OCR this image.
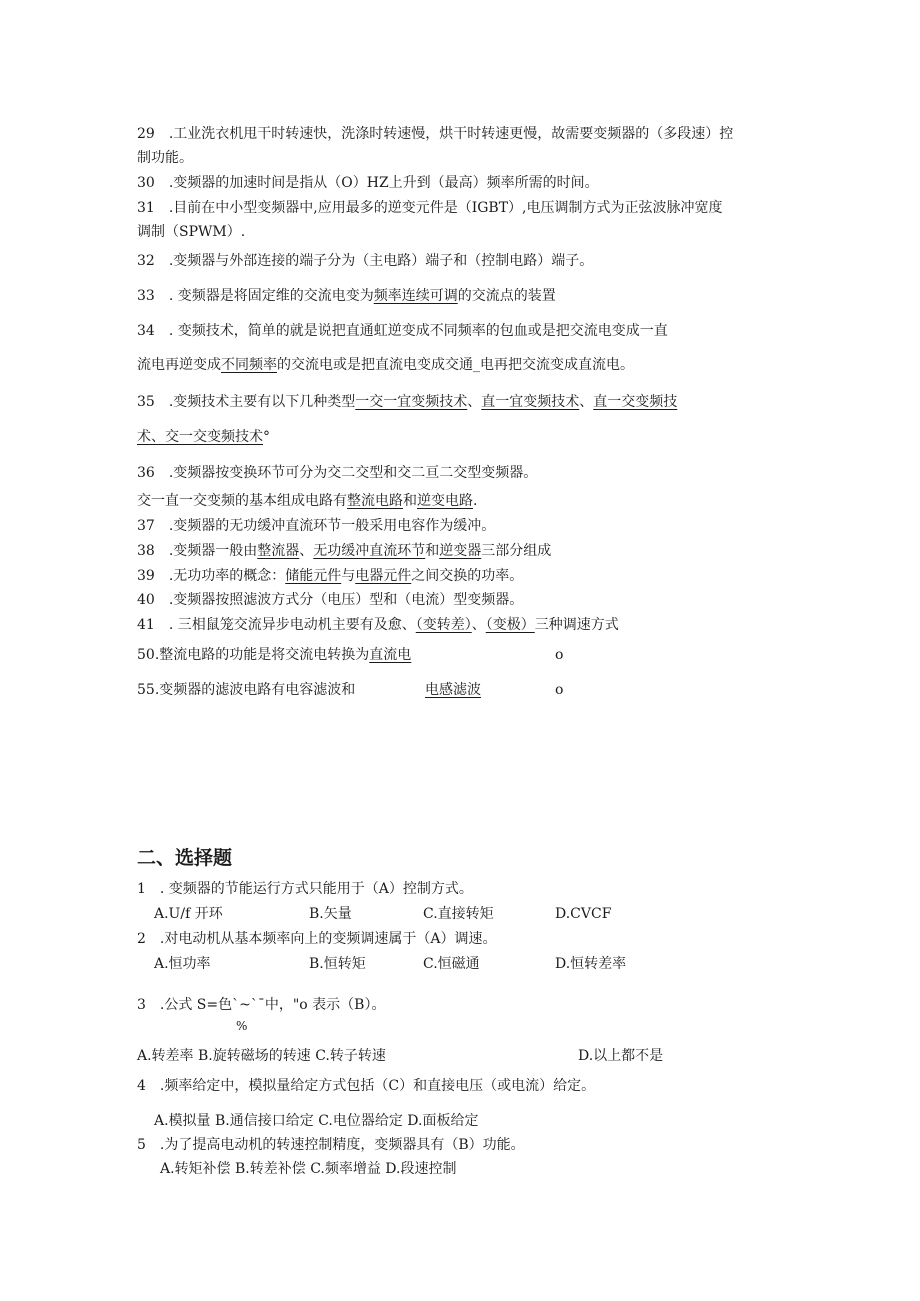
29　.工业洗衣机甩干时转速快，洗涤时转速慢，烘干时转速更慢，故需要变频器的（多段速）控
制功能。
30　.变频器的加速时间是指从（O）HZ上升到（最高）频率所需的时间。
31　.目前在中小型变频器中,应用最多的逆变元件是（IGBT）,电压调制方式为正弦波脉冲宽度
调制（SPWM）.
32　.变频器与外部连接的端子分为（主电路）端子和（控制电路）端子。
33　. 变频器是将固定维的交流电变为频率连续可调的交流点的装置
34　. 变频技术，简单的就是说把直通虹逆变成不同频率的包血或是把交流电变成一直
流电再逆变成不同频率的交流电或是把直流电变成交通_电再把交流变成直流电。
35　.变频技术主要有以下几种类型一交一宜变频技术、直一宜变频技术、直一交变频技
术、交一交变频技术°
36　.变频器按变换环节可分为交二交型和交二亘二交型变频器。
交一直一交变频的基本组成电路有整流电路和逆变电路.
37　.变频器的无功缓冲直流环节一般采用电容作为缓冲。
38　.变频器一般由整流器、无功缓冲直流环节和逆变器三部分组成
39　.无功功率的概念：储能元件与电器元件之间交换的功率。
40　.变频器按照滤波方式分（电压）型和（电流）型变频器。
41　. 三相鼠笼交流异步电动机主要有及愈、（变转差）、（变极）三种调速方式
50.整流电路的功能是将交流电转换为直流电	o
55.变频器的滤波电路有电容滤波和	电感滤波	o
二、选择题
1　. 变频器的节能运行方式只能用于（A）控制方式。
A.U/f 开环	B.矢量	C.直接转矩	D.CVCF
2　.对电动机从基本频率向上的变频调速属于（A）调速。
A.恒功率	B.恒转矩	C.恒磁通	D.恒转差率
3　.公式 S=色`~`ˉ中，"o 表示（B）。
%
A.转差率 B.旋转磁场的转速 C.转子转速	D.以上都不是
4　.频率给定中，模拟量给定方式包括（C）和直接电压（或电流）给定。
A.模拟量 B.通信接口给定 C.电位器给定 D.面板给定
5　.为了提高电动机的转速控制精度，变频器具有（B）功能。
A.转矩补偿 B.转差补偿 C.频率增益 D.段速控制
